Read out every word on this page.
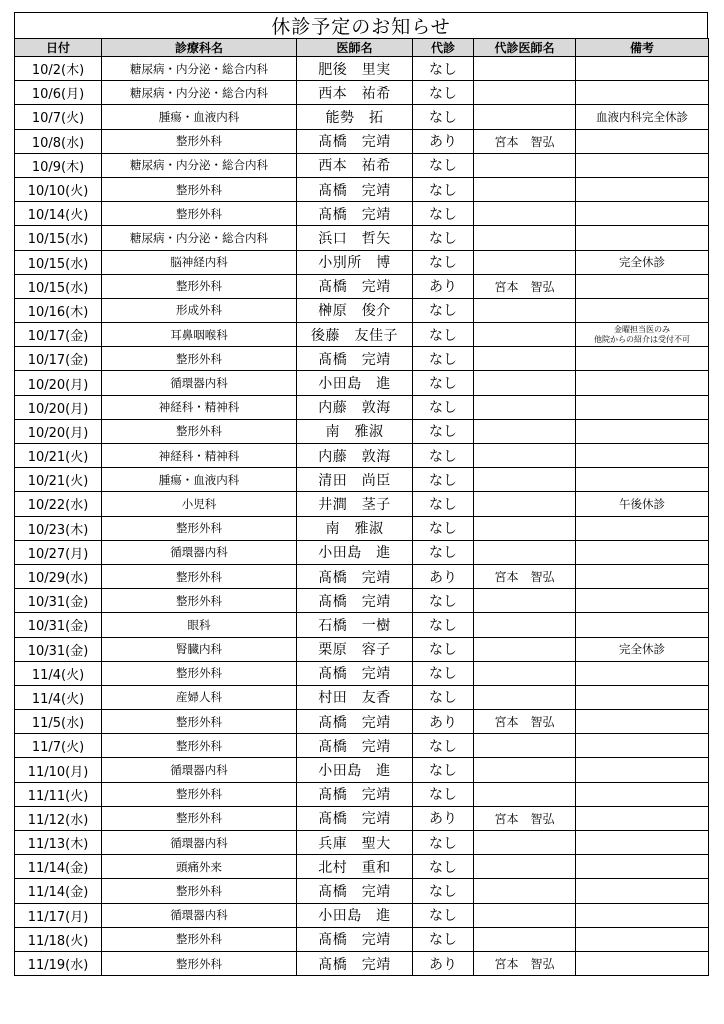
休診予定のお知らせ
日付	診療科名	医師名	代診	代診医師名	備考
10/2(木)	糖尿病・内分泌・総合内科	肥後　里実	なし		
10/6(月)	糖尿病・内分泌・総合内科	西本　祐希	なし		
10/7(火)	腫瘍・血液内科	能勢　拓	なし		血液内科完全休診
10/8(水)	整形外科	髙橋　完靖	あり	宮本　智弘	
10/9(木)	糖尿病・内分泌・総合内科	西本　祐希	なし		
10/10(火)	整形外科	髙橋　完靖	なし		
10/14(火)	整形外科	髙橋　完靖	なし		
10/15(水)	糖尿病・内分泌・総合内科	浜口　哲矢	なし		
10/15(水)	脳神経内科	小別所　博	なし		完全休診
10/15(水)	整形外科	髙橋　完靖	あり	宮本　智弘	
10/16(木)	形成外科	榊原　俊介	なし		
10/17(金)	耳鼻咽喉科	後藤　友佳子	なし		金曜担当医のみ
他院からの紹介は受付不可

10/17(金)	整形外科	髙橋　完靖	なし		
10/20(月)	循環器内科	小田島　進	なし		
10/20(月)	神経科・精神科	内藤　敦海	なし		
10/20(月)	整形外科	南　雅淑	なし		
10/21(火)	神経科・精神科	内藤　敦海	なし		
10/21(火)	腫瘍・血液内科	清田　尚臣	なし		
10/22(水)	小児科	井澗　茎子	なし		午後休診
10/23(木)	整形外科	南　雅淑	なし		
10/27(月)	循環器内科	小田島　進	なし		
10/29(水)	整形外科	髙橋　完靖	あり	宮本　智弘	
10/31(金)	整形外科	髙橋　完靖	なし		
10/31(金)	眼科	石橋　一樹	なし		
10/31(金)	腎臓内科	栗原　容子	なし		完全休診
11/4(火)	整形外科	髙橋　完靖	なし		
11/4(火)	産婦人科	村田　友香	なし		
11/5(水)	整形外科	髙橋　完靖	あり	宮本　智弘	
11/7(火)	整形外科	髙橋　完靖	なし		
11/10(月)	循環器内科	小田島　進	なし		
11/11(火)	整形外科	髙橋　完靖	なし		
11/12(水)	整形外科	髙橋　完靖	あり	宮本　智弘	
11/13(木)	循環器内科	兵庫　聖大	なし		
11/14(金)	頭痛外来	北村　重和	なし		
11/14(金)	整形外科	髙橋　完靖	なし		
11/17(月)	循環器内科	小田島　進	なし		
11/18(火)	整形外科	髙橋　完靖	なし		
11/19(水)	整形外科	髙橋　完靖	あり	宮本　智弘	
